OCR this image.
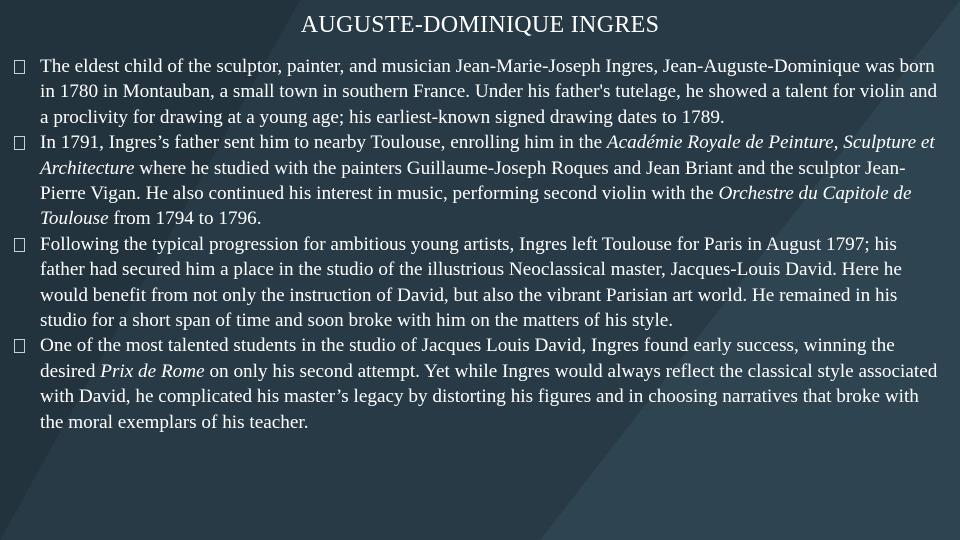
AUGUSTE-DOMINIQUE INGRES
The eldest child of the sculptor, painter, and musician Jean-Marie-Joseph Ingres, Jean-Auguste-Dominique was born in 1780 in Montauban, a small town in southern France. Under his father's tutelage, he showed a talent for violin and a proclivity for drawing at a young age; his earliest-known signed drawing dates to 1789.
In 1791, Ingres’s father sent him to nearby Toulouse, enrolling him in the Académie Royale de Peinture, Sculpture et Architecture where he studied with the painters Guillaume-Joseph Roques and Jean Briant and the sculptor Jean-Pierre Vigan. He also continued his interest in music, performing second violin with the Orchestre du Capitole de Toulouse from 1794 to 1796.
Following the typical progression for ambitious young artists, Ingres left Toulouse for Paris in August 1797; his father had secured him a place in the studio of the illustrious Neoclassical master, Jacques-Louis David. Here he would benefit from not only the instruction of David, but also the vibrant Parisian art world. He remained in his studio for a short span of time and soon broke with him on the matters of his style.
One of the most talented students in the studio of Jacques Louis David, Ingres found early success, winning the desired Prix de Rome on only his second attempt. Yet while Ingres would always reflect the classical style associated with David, he complicated his master’s legacy by distorting his figures and in choosing narratives that broke with the moral exemplars of his teacher.
